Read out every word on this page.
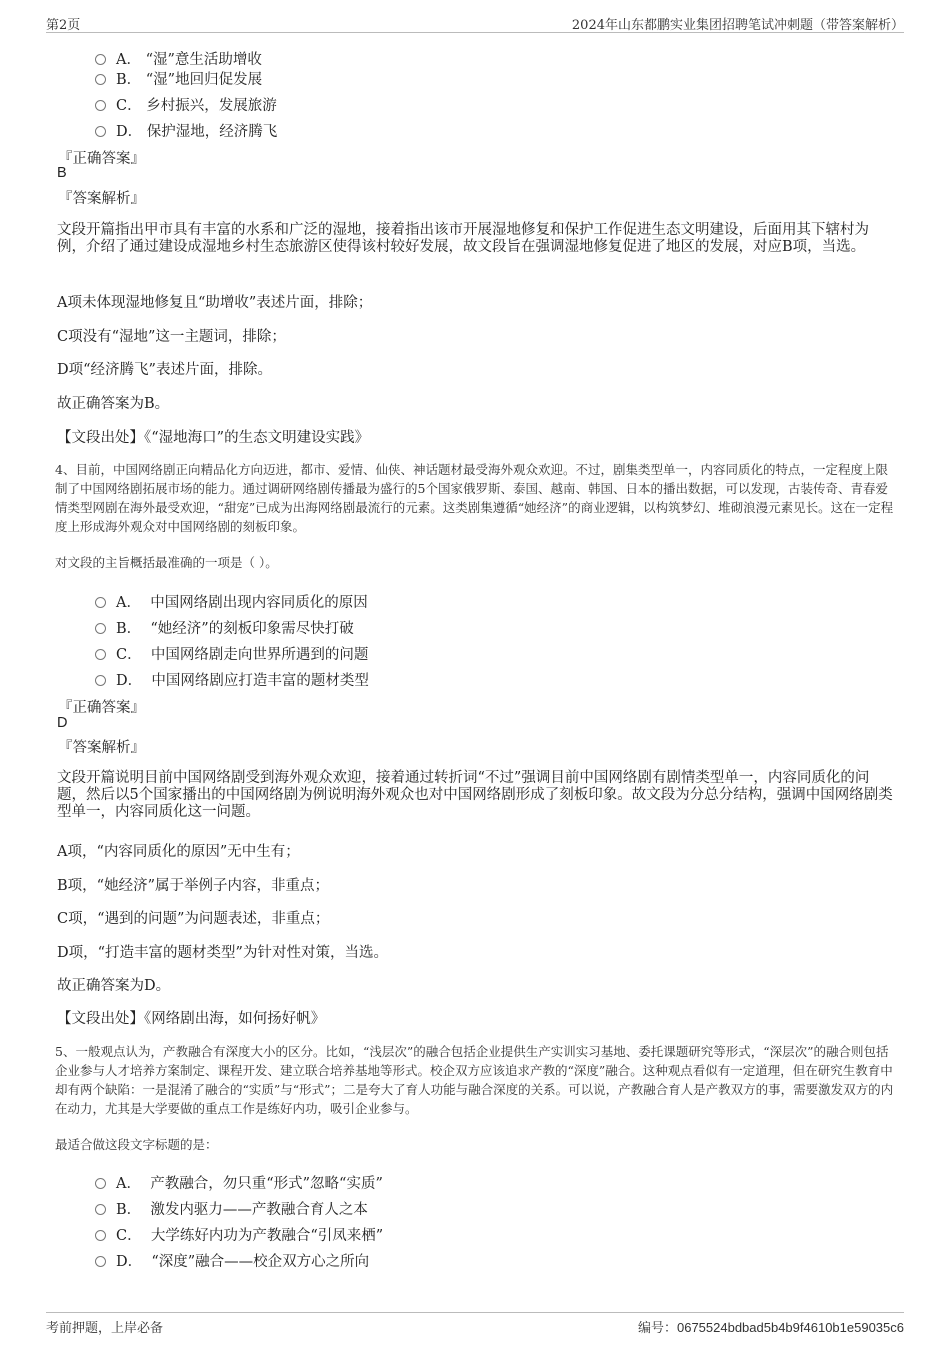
第2页	2024年山东都鹏实业集团招聘笔试冲刺题（带答案解析）
A． “湿”意生活助增收
B． “湿”地回归促发展
C． 乡村振兴，发展旅游
D． 保护湿地，经济腾飞
『正确答案』
B
『答案解析』
文段开篇指出甲市具有丰富的水系和广泛的湿地，接着指出该市开展湿地修复和保护工作促进生态文明建设，后面用其下辖村为例，介绍了通过建设成湿地乡村生态旅游区使得该村较好发展，故文段旨在强调湿地修复促进了地区的发展，对应B项，当选。
A项未体现湿地修复且“助增收”表述片面，排除；
C项没有“湿地”这一主题词，排除；
D项“经济腾飞”表述片面，排除。
故正确答案为B。
【文段出处】《“湿地海口”的生态文明建设实践》
4、目前，中国网络剧正向精品化方向迈进，都市、爱情、仙侠、神话题材最受海外观众欢迎。不过，剧集类型单一，内容同质化的特点，一定程度上限制了中国网络剧拓展市场的能力。通过调研网络剧传播最为盛行的5个国家俄罗斯、泰国、越南、韩国、日本的播出数据，可以发现，古装传奇、青春爱情类型网剧在海外最受欢迎，“甜宠”已成为出海网络剧最流行的元素。这类剧集遵循“她经济”的商业逻辑，以构筑梦幻、堆砌浪漫元素见长。这在一定程度上形成海外观众对中国网络剧的刻板印象。
对文段的主旨概括最准确的一项是（ ）。
A． 中国网络剧出现内容同质化的原因
B． “她经济”的刻板印象需尽快打破
C． 中国网络剧走向世界所遇到的问题
D． 中国网络剧应打造丰富的题材类型
『正确答案』
D
『答案解析』
文段开篇说明目前中国网络剧受到海外观众欢迎，接着通过转折词“不过”强调目前中国网络剧有剧情类型单一，内容同质化的问题，然后以5个国家播出的中国网络剧为例说明海外观众也对中国网络剧形成了刻板印象。故文段为分总分结构，强调中国网络剧类型单一，内容同质化这一问题。
A项，“内容同质化的原因”无中生有；
B项，“她经济”属于举例子内容，非重点；
C项，“遇到的问题”为问题表述，非重点；
D项，“打造丰富的题材类型”为针对性对策，当选。
故正确答案为D。
【文段出处】《网络剧出海，如何扬好帆》
5、一般观点认为，产教融合有深度大小的区分。比如，“浅层次”的融合包括企业提供生产实训实习基地、委托课题研究等形式，“深层次”的融合则包括企业参与人才培养方案制定、课程开发、建立联合培养基地等形式。校企双方应该追求产教的“深度”融合。这种观点看似有一定道理，但在研究生教育中却有两个缺陷：一是混淆了融合的“实质”与“形式”；二是夸大了育人功能与融合深度的关系。可以说，产教融合育人是产教双方的事，需要激发双方的内在动力，尤其是大学要做的重点工作是练好内功，吸引企业参与。
最适合做这段文字标题的是：
A． 产教融合，勿只重“形式”忽略“实质”
B． 激发内驱力——产教融合育人之本
C． 大学练好内功为产教融合“引凤来栖”
D． “深度”融合——校企双方心之所向
考前押题，上岸必备	编号：0675524bdbad5b4b9f4610b1e59035c6
